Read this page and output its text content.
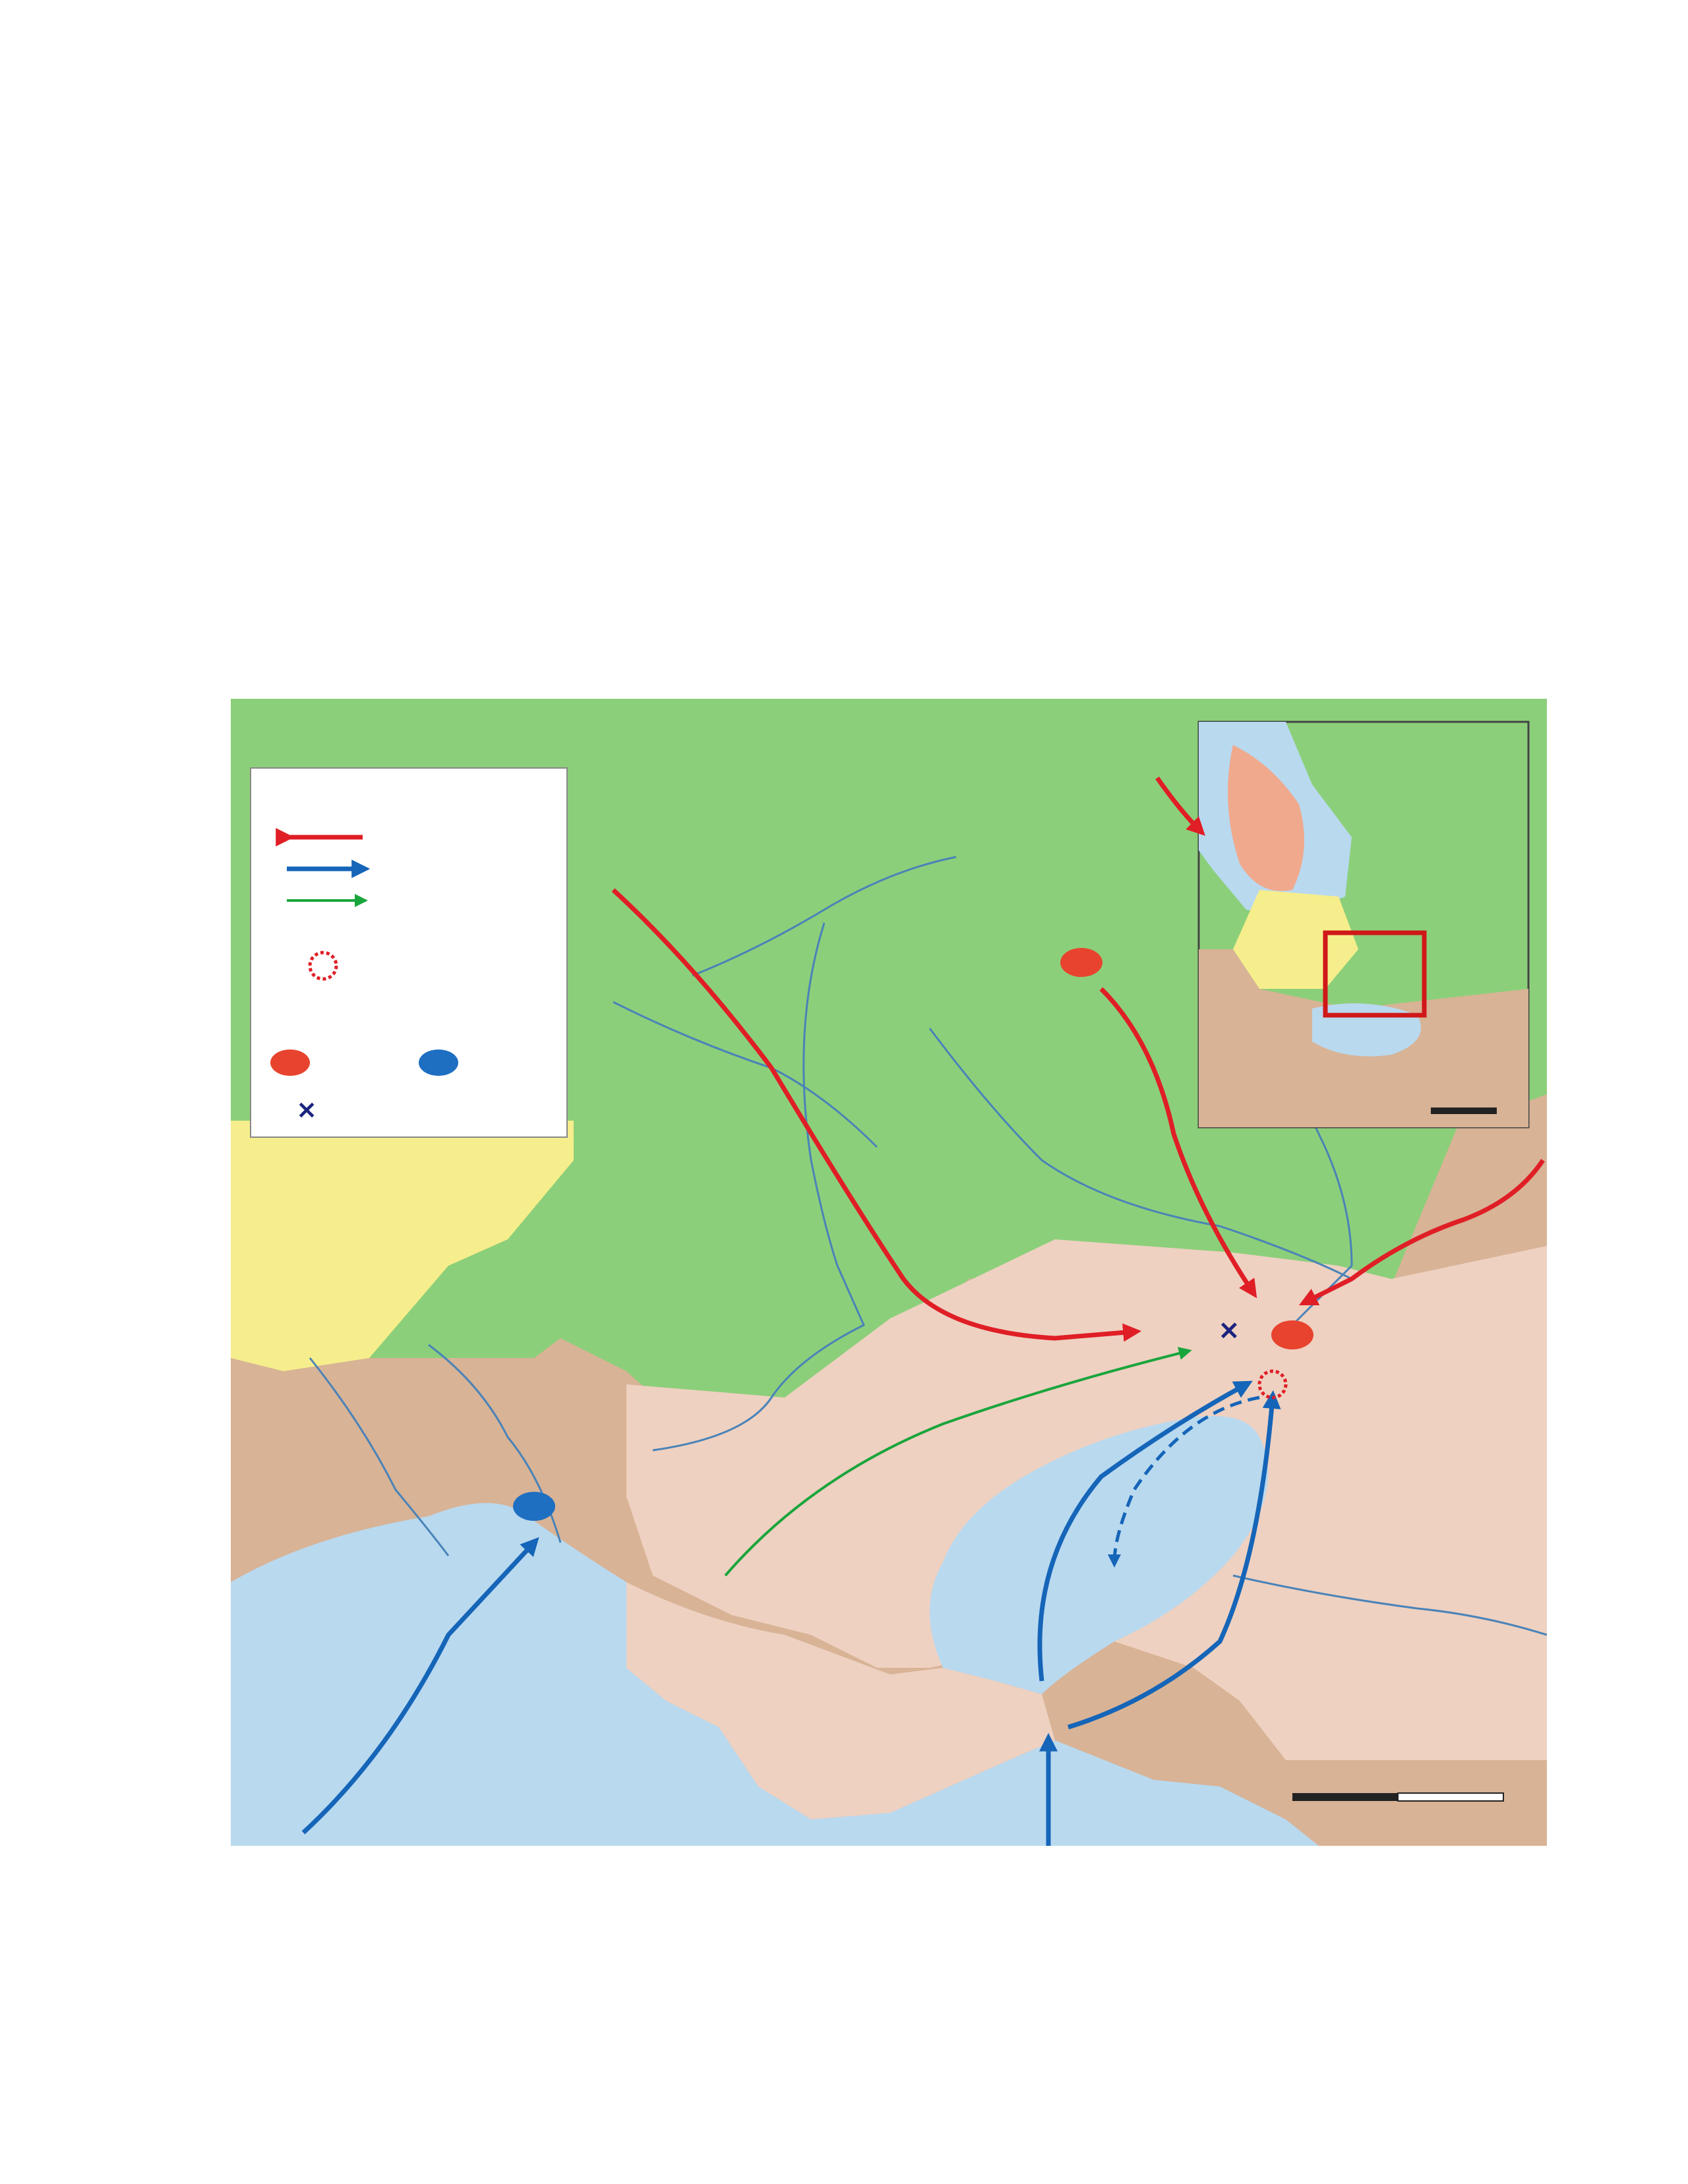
✕
✕
